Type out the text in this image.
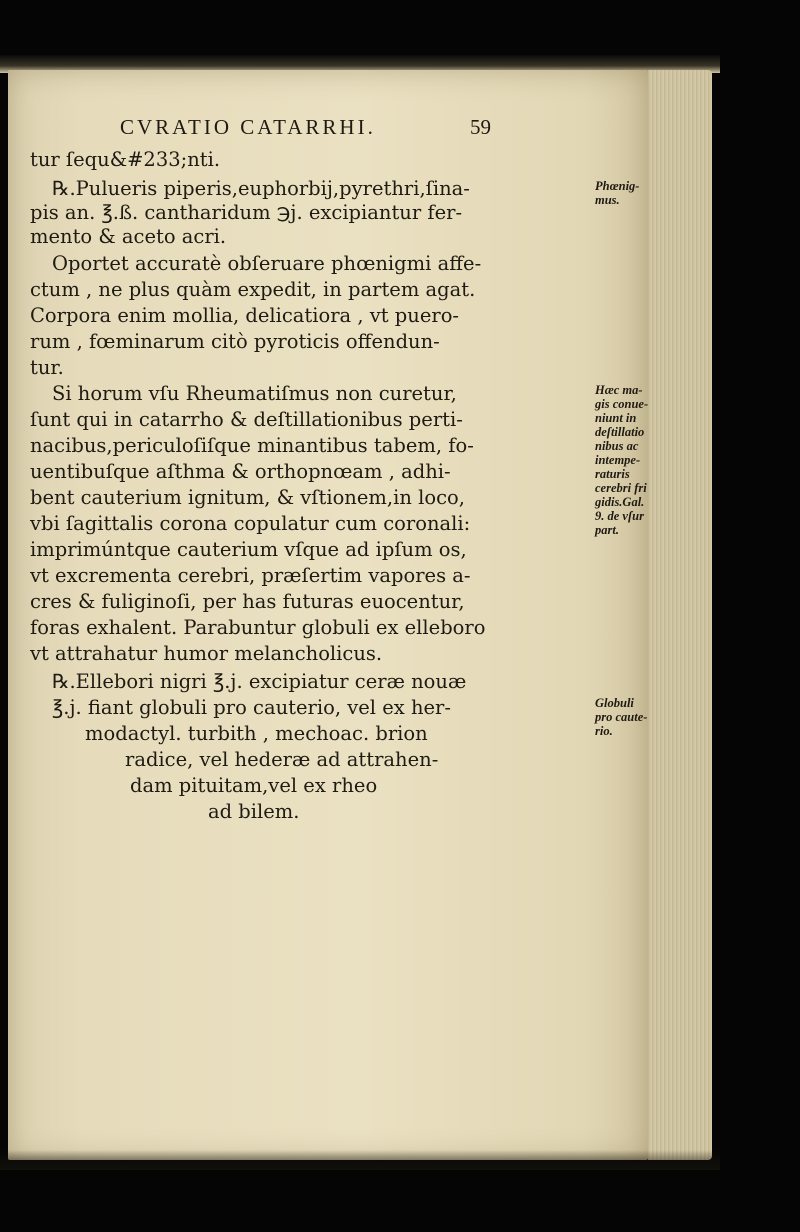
CVRATIO CATARRHI.	59
tur ſequ&#233;nti.
℞.Pulueris piperis,euphorbij,pyrethri,ſina-
pis an. ℥.ß. cantharidum ℈j. excipiantur fer-
mento & aceto acri.
Oportet accuratè obſeruare phœnigmi affe-
ctum , ne plus quàm expedit, in partem agat.
Corpora enim mollia, delicatiora , vt puero-
rum , fœminarum citò pyroticis offendun-
tur.
Si horum vſu Rheumatiſmus non curetur,
ſunt qui in catarrho & deſtillationibus perti-
nacibus,periculoſiſque minantibus tabem, fo-
uentibuſque aſthma & orthopnœam , adhi-
bent cauterium ignitum, & vſtionem,in loco,
vbi ſagittalis corona copulatur cum coronali:
imprimúntque cauterium vſque ad ipſum os,
vt excrementa cerebri, præſertim vapores a-
cres & fuliginoſi, per has futuras euocentur,
foras exhalent. Parabuntur globuli ex elleboro
vt attrahatur humor melancholicus.
℞.Ellebori nigri ℥.j. excipiatur ceræ nouæ
℥.j. fiant globuli pro cauterio, vel ex her-
modactyl. turbith , mechoac. brion
radice, vel hederæ ad attrahen-
dam pituitam,vel ex rheo
ad bilem.
Phœnig-
mus.
Hæc ma-
gis conue-
niunt in
deſtillatio
nibus ac
intempe-
raturis
cerebri fri
gidis.Gal.
9. de vſur
part.
Globuli
pro caute-
rio.
